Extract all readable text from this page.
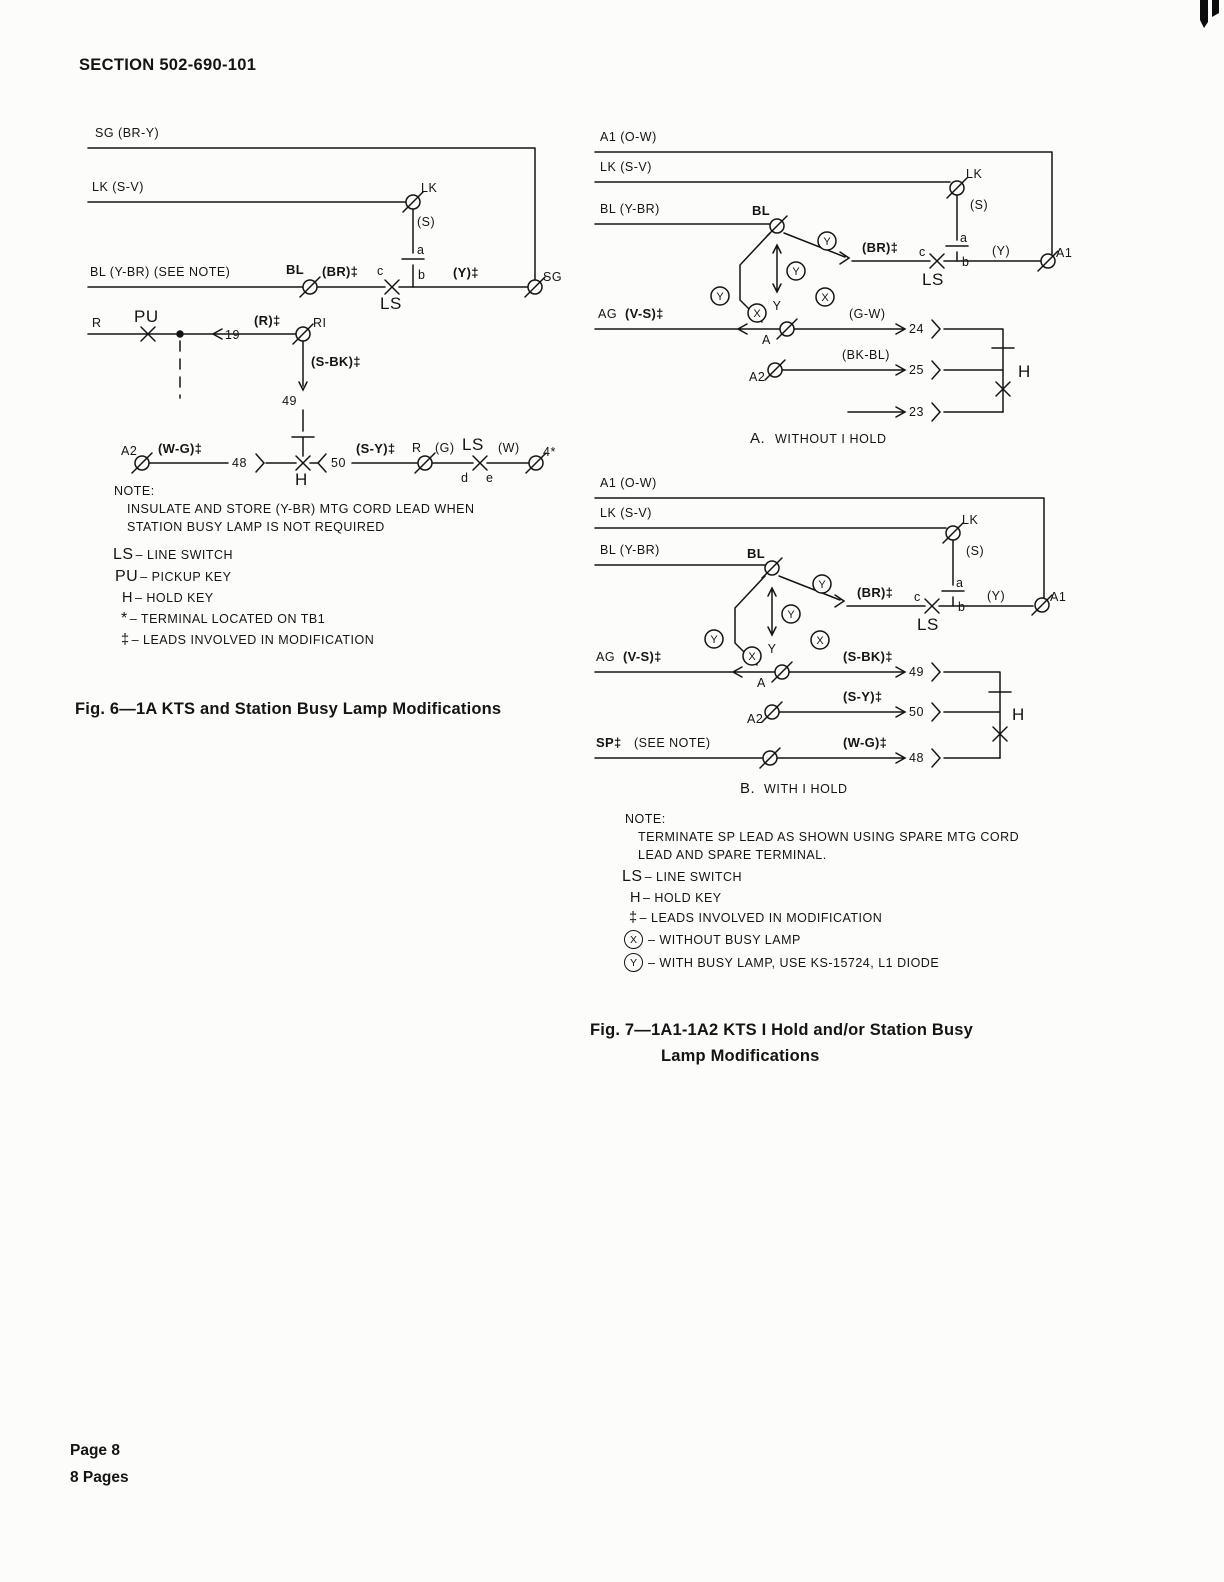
SECTION 502-690-101
SG (BR-Y)
LK (S-V)
BL (Y-BR) (SEE NOTE)
LK
(S)
a
b
BL (BR)‡ c
LS
(Y)‡	SG
R PU
19
(R)‡	RI
(S-BK)‡
49
A2 (W-G)‡
48
H
50
(S-Y)‡ R (G) LS
d e
(W) 4*
Y
Y
Y	X
X
A1 (O-W)
LK (S-V)
BL (Y-BR)
LK
(S)
a
b
BL
(BR)‡ c
LS
(Y)	A1
AG (V-S)‡	Y
A
(G-W)
24
(BK-BL)
A2	25
23
H
A. WITHOUT I HOLD
Y
Y
Y	X
X
A1 (O-W)
LK (S-V)
BL (Y-BR)
LK
(S)
a
b
BL
(BR)‡ c
LS
(Y)	A1
AG (V-S)‡	Y
A
(S-BK)‡
49
(S-Y)‡
A2	50	H
SP‡ (SEE NOTE)	(W-G)‡
48
B. WITH I HOLD
NOTE:
INSULATE AND STORE (Y-BR) MTG CORD LEAD WHEN
STATION BUSY LAMP IS NOT REQUIRED
LS – LINE SWITCH
PU – PICKUP KEY
H – HOLD KEY
* – TERMINAL LOCATED ON TB1
‡ – LEADS INVOLVED IN MODIFICATION
Fig. 6—1A KTS and Station Busy Lamp Modifications
NOTE:
TERMINATE SP LEAD AS SHOWN USING SPARE MTG CORD
LEAD AND SPARE TERMINAL.
LS – LINE SWITCH
H – HOLD KEY
‡ – LEADS INVOLVED IN MODIFICATION
X – WITHOUT BUSY LAMP
Y – WITH BUSY LAMP, USE KS-15724, L1 DIODE
Fig. 7—1A1-1A2 KTS I Hold and/or Station Busy
Lamp Modifications
Page 8
8 Pages
